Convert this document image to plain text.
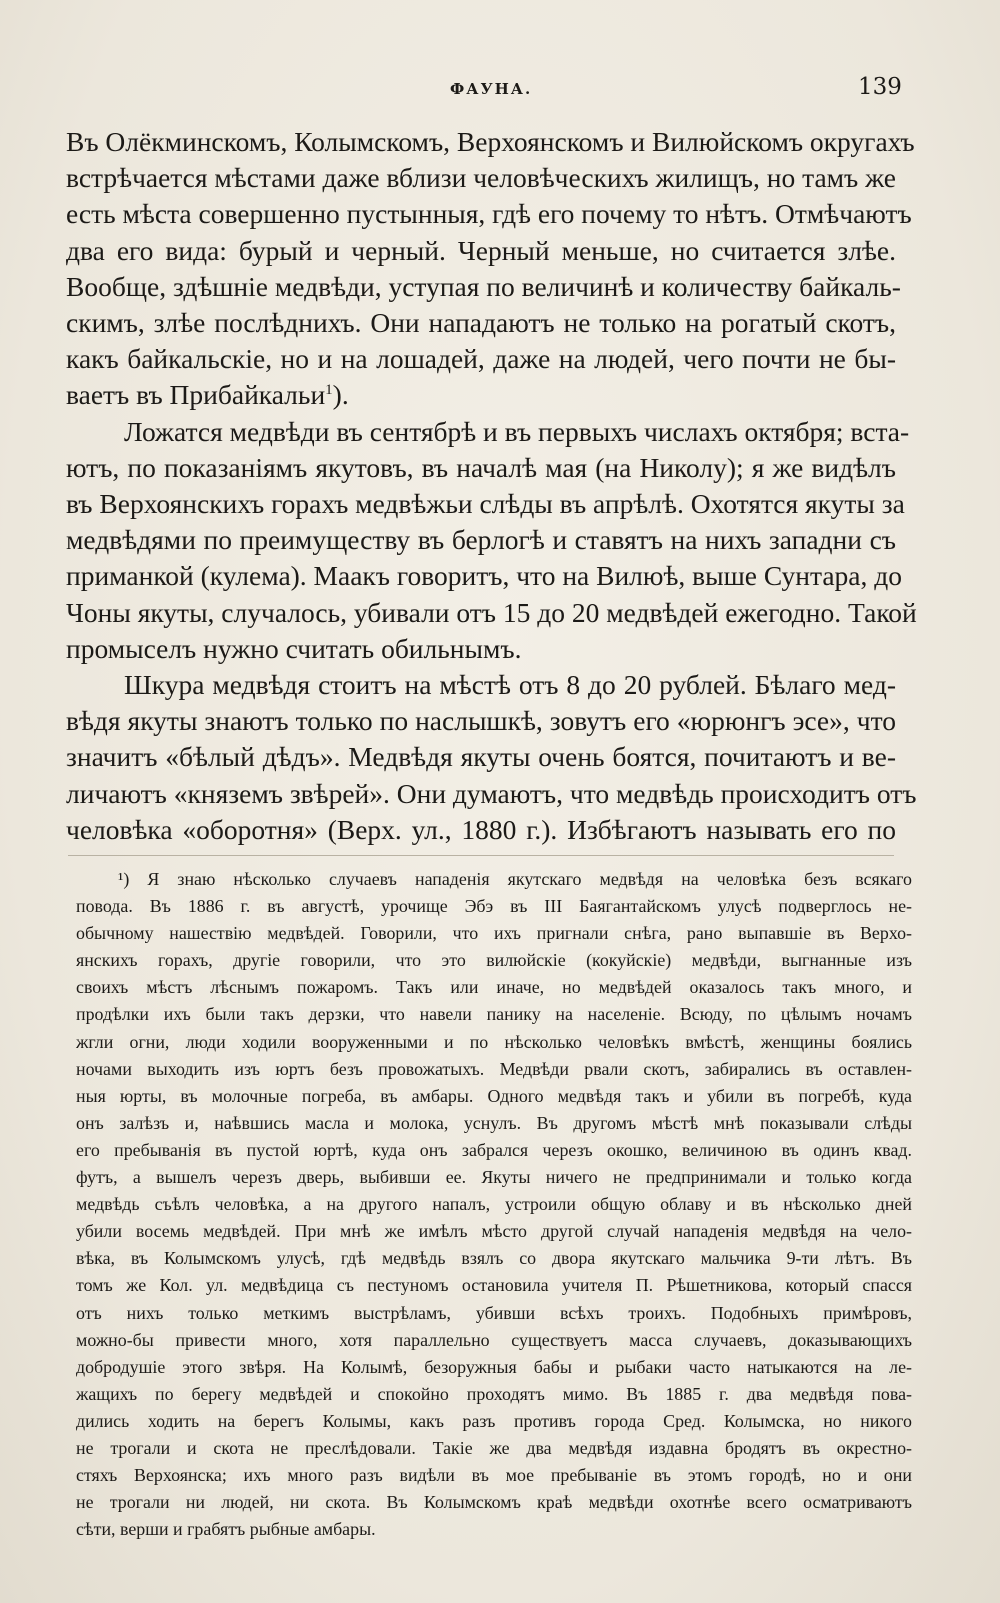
ФАУНА.	139
Въ Олёкминскомъ, Колымскомъ, Верхоянскомъ и Вилюйскомъ округахъ
встрѣчается мѣстами даже вблизи человѣческихъ жилищъ, но тамъ же
есть мѣста совершенно пустынныя, гдѣ его почему то нѣтъ. Отмѣчаютъ
два его вида: бурый и черный. Черный меньше, но считается злѣе.
Вообще, здѣшніе медвѣди, уступая по величинѣ и количеству байкаль-
скимъ, злѣе послѣднихъ. Они нападаютъ не только на рогатый скотъ,
какъ байкальскіе, но и на лошадей, даже на людей, чего почти не бы-
ваетъ въ Прибайкальи$^1$).
Ложатся медвѣди въ сентябрѣ и въ первыхъ числахъ октября; вста-
ютъ, по показаніямъ якутовъ, въ началѣ мая (на Николу); я же видѣлъ
въ Верхоянскихъ горахъ медвѣжьи слѣды въ апрѣлѣ. Охотятся якуты за
медвѣдями по преимуществу въ берлогѣ и ставятъ на нихъ западни съ
приманкой (кулема). Маакъ говоритъ, что на Вилюѣ, выше Сунтара, до
Чоны якуты, случалось, убивали отъ 15 до 20 медвѣдей ежегодно. Такой
промыселъ нужно считать обильнымъ.
Шкура медвѣдя стоитъ на мѣстѣ отъ 8 до 20 рублей. Бѣлаго мед-
вѣдя якуты знаютъ только по наслышкѣ, зовутъ его «юрюнгъ эсе», что
значитъ «бѣлый дѣдъ». Медвѣдя якуты очень боятся, почитаютъ и ве-
личаютъ «княземъ звѣрей». Они думаютъ, что медвѣдь происходитъ отъ
человѣка «оборотня» (Верх. ул., 1880 г.). Избѣгаютъ называть его по
¹) Я знаю нѣсколько случаевъ нападенія якутскаго медвѣдя на человѣка безъ всякаго
повода. Въ 1886 г. въ августѣ, урочище Эбэ въ III Баягантайскомъ улусѣ подверглось не-
обычному нашествію медвѣдей. Говорили, что ихъ пригнали снѣга, рано выпавшіе въ Верхо-
янскихъ горахъ, другіе говорили, что это вилюйскіе (кокуйскіе) медвѣди, выгнанные изъ
своихъ мѣстъ лѣснымъ пожаромъ. Такъ или иначе, но медвѣдей оказалось такъ много, и
продѣлки ихъ были такъ дерзки, что навели панику на населеніе. Всюду, по цѣлымъ ночамъ
жгли огни, люди ходили вооруженными и по нѣсколько человѣкъ вмѣстѣ, женщины боялись
ночами выходить изъ юртъ безъ провожатыхъ. Медвѣди рвали скотъ, забирались въ оставлен-
ныя юрты, въ молочные погреба, въ амбары. Одного медвѣдя такъ и убили въ погребѣ, куда
онъ залѣзъ и, наѣвшись масла и молока, уснулъ. Въ другомъ мѣстѣ мнѣ показывали слѣды
его пребыванія въ пустой юртѣ, куда онъ забрался черезъ окошко, величиною въ одинъ квад.
футъ, а вышелъ черезъ дверь, выбивши ее. Якуты ничего не предпринимали и только когда
медвѣдь съѣлъ человѣка, а на другого напалъ, устроили общую облаву и въ нѣсколько дней
убили восемь медвѣдей. При мнѣ же имѣлъ мѣсто другой случай нападенія медвѣдя на чело-
вѣка, въ Колымскомъ улусѣ, гдѣ медвѣдь взялъ со двора якутскаго мальчика 9-ти лѣтъ. Въ
томъ же Кол. ул. медвѣдица съ пестуномъ остановила учителя П. Рѣшетникова, который спасся
отъ нихъ только меткимъ выстрѣламъ, убивши всѣхъ троихъ. Подобныхъ примѣровъ,
можно-бы привести много, хотя параллельно существуетъ масса случаевъ, доказывающихъ
добродушіе этого звѣря. На Колымѣ, безоружныя бабы и рыбаки часто натыкаются на ле-
жащихъ по берегу медвѣдей и спокойно проходятъ мимо. Въ 1885 г. два медвѣдя пова-
дились ходить на берегъ Колымы, какъ разъ противъ города Сред. Колымска, но никого
не трогали и скота не преслѣдовали. Такіе же два медвѣдя издавна бродятъ въ окрестно-
стяхъ Верхоянска; ихъ много разъ видѣли въ мое пребываніе въ этомъ городѣ, но и они
не трогали ни людей, ни скота. Въ Колымскомъ краѣ медвѣди охотнѣе всего осматриваютъ
сѣти, верши и грабятъ рыбные амбары.
